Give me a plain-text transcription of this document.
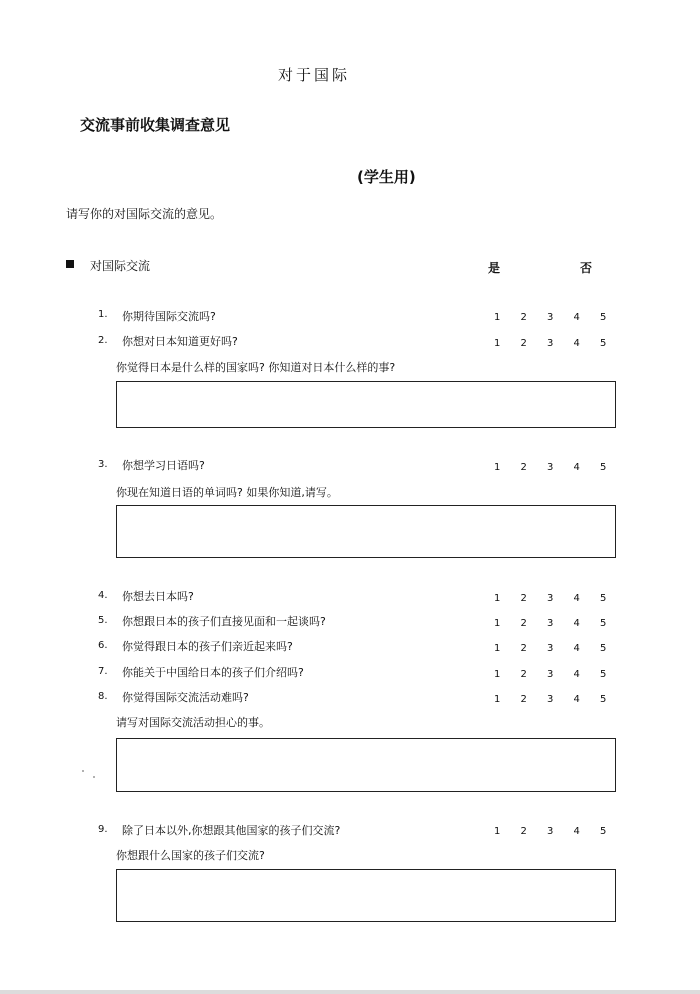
对于国际
交流事前收集调查意见
(学生用)
请写你的对国际交流的意见。
对国际交流	是	否
1. 你期待国际交流吗?	1	2	3	4	5
2. 你想对日本知道更好吗?	1	2	3	4	5
你觉得日本是什么样的国家吗? 你知道对日本什么样的事?
3. 你想学习日语吗?	1	2	3	4	5
你现在知道日语的单词吗? 如果你知道,请写。
4. 你想去日本吗?	1	2	3	4	5
5. 你想跟日本的孩子们直接见面和一起谈吗?	1	2	3	4	5
6. 你觉得跟日本的孩子们亲近起来吗?	1	2	3	4	5
7. 你能关于中国给日本的孩子们介绍吗?	1	2	3	4	5
8. 你觉得国际交流活动难吗?	1	2	3	4	5
请写对国际交流活动担心的事。
9. 除了日本以外,你想跟其他国家的孩子们交流?	1	2	3	4	5
你想跟什么国家的孩子们交流?
